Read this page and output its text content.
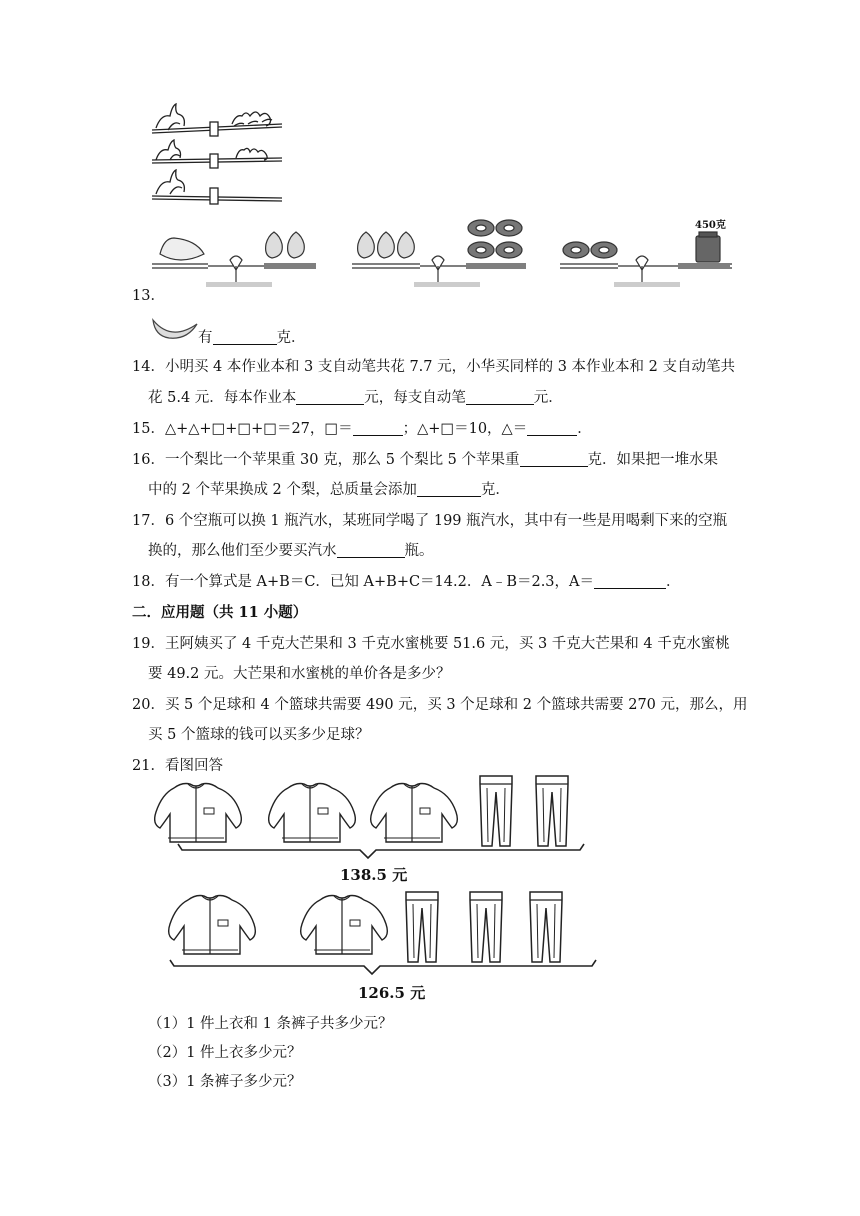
450克
13．
有	克．
14．小明买 4 本作业本和 3 支自动笔共花 7.7 元，小华买同样的 3 本作业本和 2 支自动笔共
花 5.4 元．每本作业本	元，每支自动笔	元．
15．△+△+□+□+□＝27，□＝	；△+□＝10，△＝	．
16．一个梨比一个苹果重 30 克，那么 5 个梨比 5 个苹果重	克．如果把一堆水果
中的 2 个苹果换成 2 个梨，总质量会添加	克．
17．6 个空瓶可以换 1 瓶汽水，某班同学喝了 199 瓶汽水，其中有一些是用喝剩下来的空瓶
换的，那么他们至少要买汽水	瓶。
18．有一个算式是 A+B＝C．已知 A+B+C＝14.2．A﹣B＝2.3，A＝	．
二．应用题（共 11 小题）
19．王阿姨买了 4 千克大芒果和 3 千克水蜜桃要 51.6 元，买 3 千克大芒果和 4 千克水蜜桃
要 49.2 元。大芒果和水蜜桃的单价各是多少？
20．买 5 个足球和 4 个篮球共需要 490 元，买 3 个足球和 2 个篮球共需要 270 元，那么，用
买 5 个篮球的钱可以买多少足球？
21．看图回答
138.5 元
126.5 元
（1）1 件上衣和 1 条裤子共多少元？
（2）1 件上衣多少元？
（3）1 条裤子多少元？
